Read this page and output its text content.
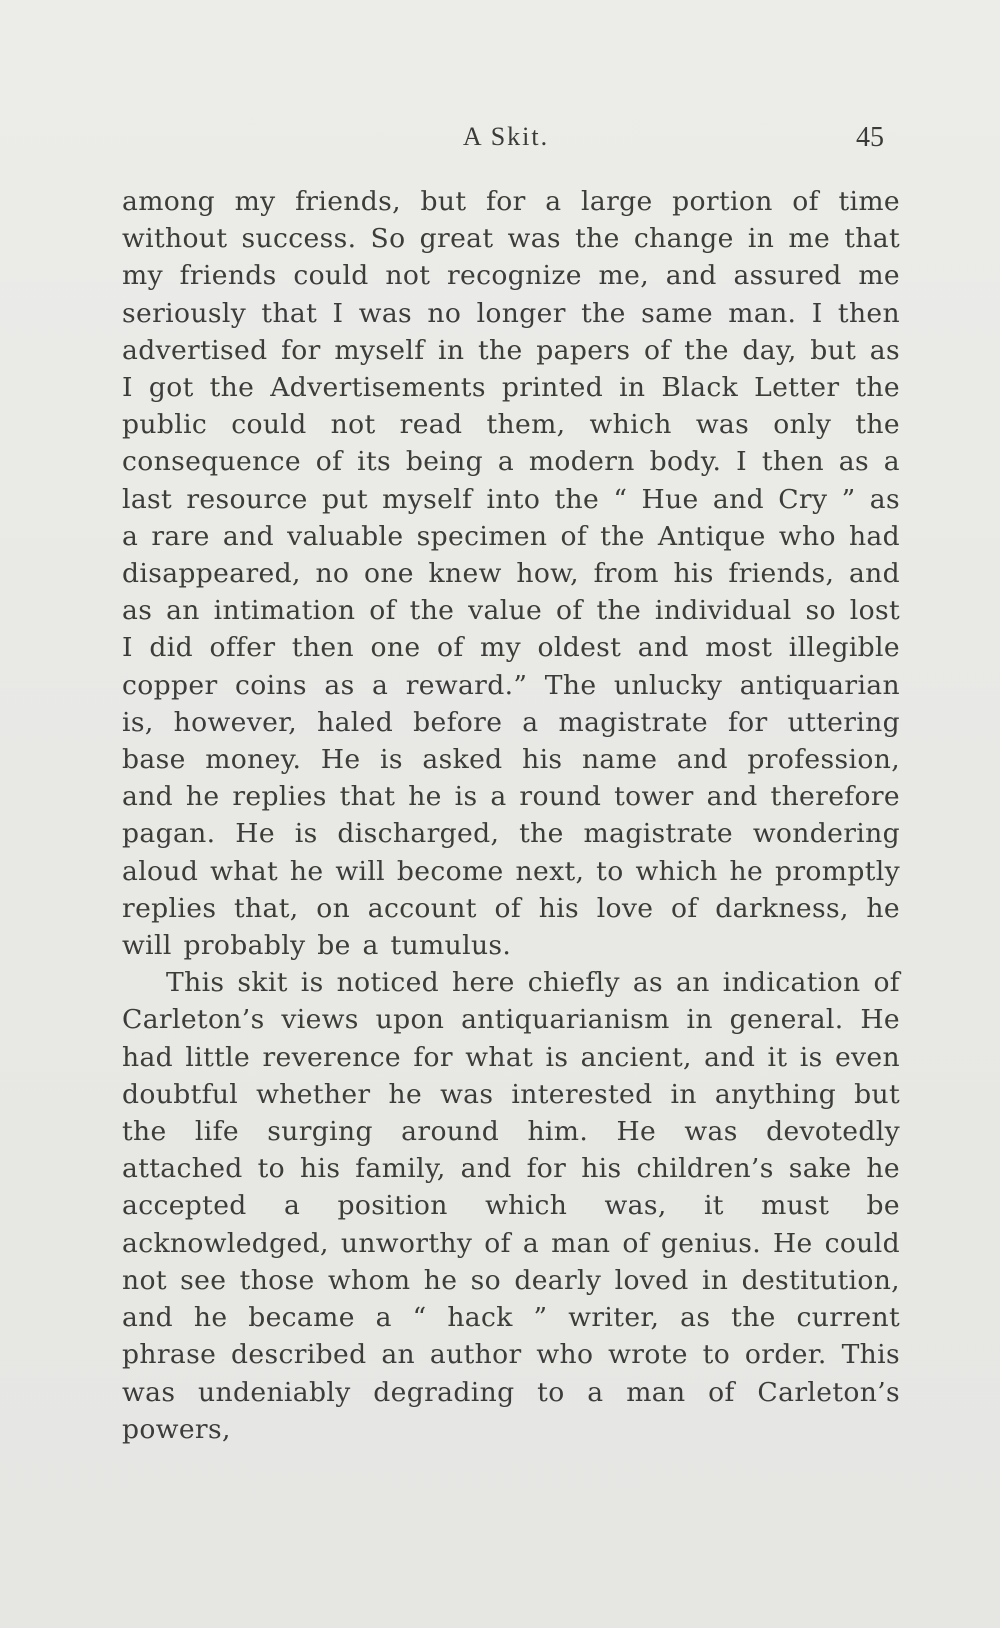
A Skit.	45

among my friends, but for a large portion of time without success. So great was the change in me that my friends could not recognize me, and assured me seriously that I was no longer the same man. I then advertised for myself in the papers of the day, but as I got the Advertisements printed in Black Letter the public could not read them, which was only the consequence of its being a modern body. I then as a last resource put myself into the “ Hue and Cry ” as a rare and valuable specimen of the Antique who had disappeared, no one knew how, from his friends, and as an intimation of the value of the individual so lost I did offer then one of my oldest and most illegible copper coins as a reward.” The unlucky antiquarian is, however, haled before a magistrate for uttering base money. He is asked his name and profession, and he replies that he is a round tower and therefore pagan. He is discharged, the magistrate wondering aloud what he will become next, to which he promptly replies that, on account of his love of darkness, he will probably be a tumulus.

This skit is noticed here chiefly as an indication of Carleton’s views upon antiquarianism in general. He had little reverence for what is ancient, and it is even doubtful whether he was interested in anything but the life surging around him. He was devotedly attached to his family, and for his children’s sake he accepted a position which was, it must be acknowledged, unworthy of a man of genius. He could not see those whom he so dearly loved in destitution, and he became a “ hack ” writer, as the current phrase described an author who wrote to order. This was undeniably degrading to a man of Carleton’s powers,
